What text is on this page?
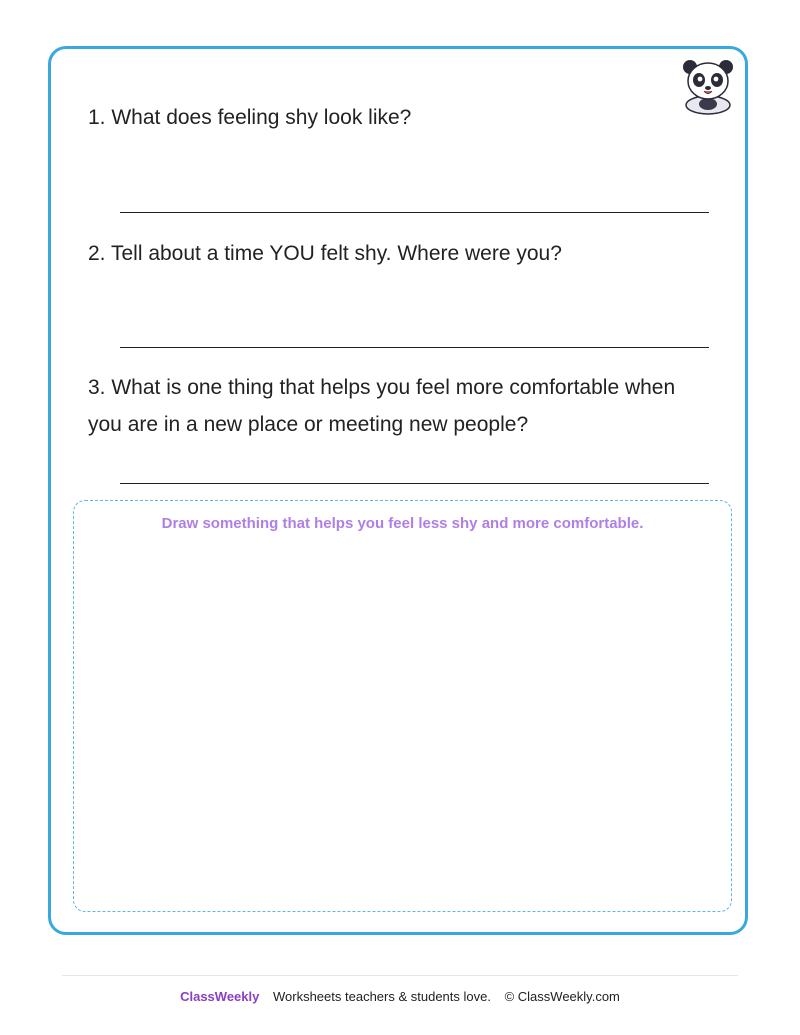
1. What does feeling shy look like?
2. Tell about a time YOU felt shy. Where were you?
3. What is one thing that helps you feel more comfortable when you are in a new place or meeting new people?
Draw something that helps you feel less shy and more comfortable.
ClassWeekly Worksheets teachers & students love. © ClassWeekly.com
